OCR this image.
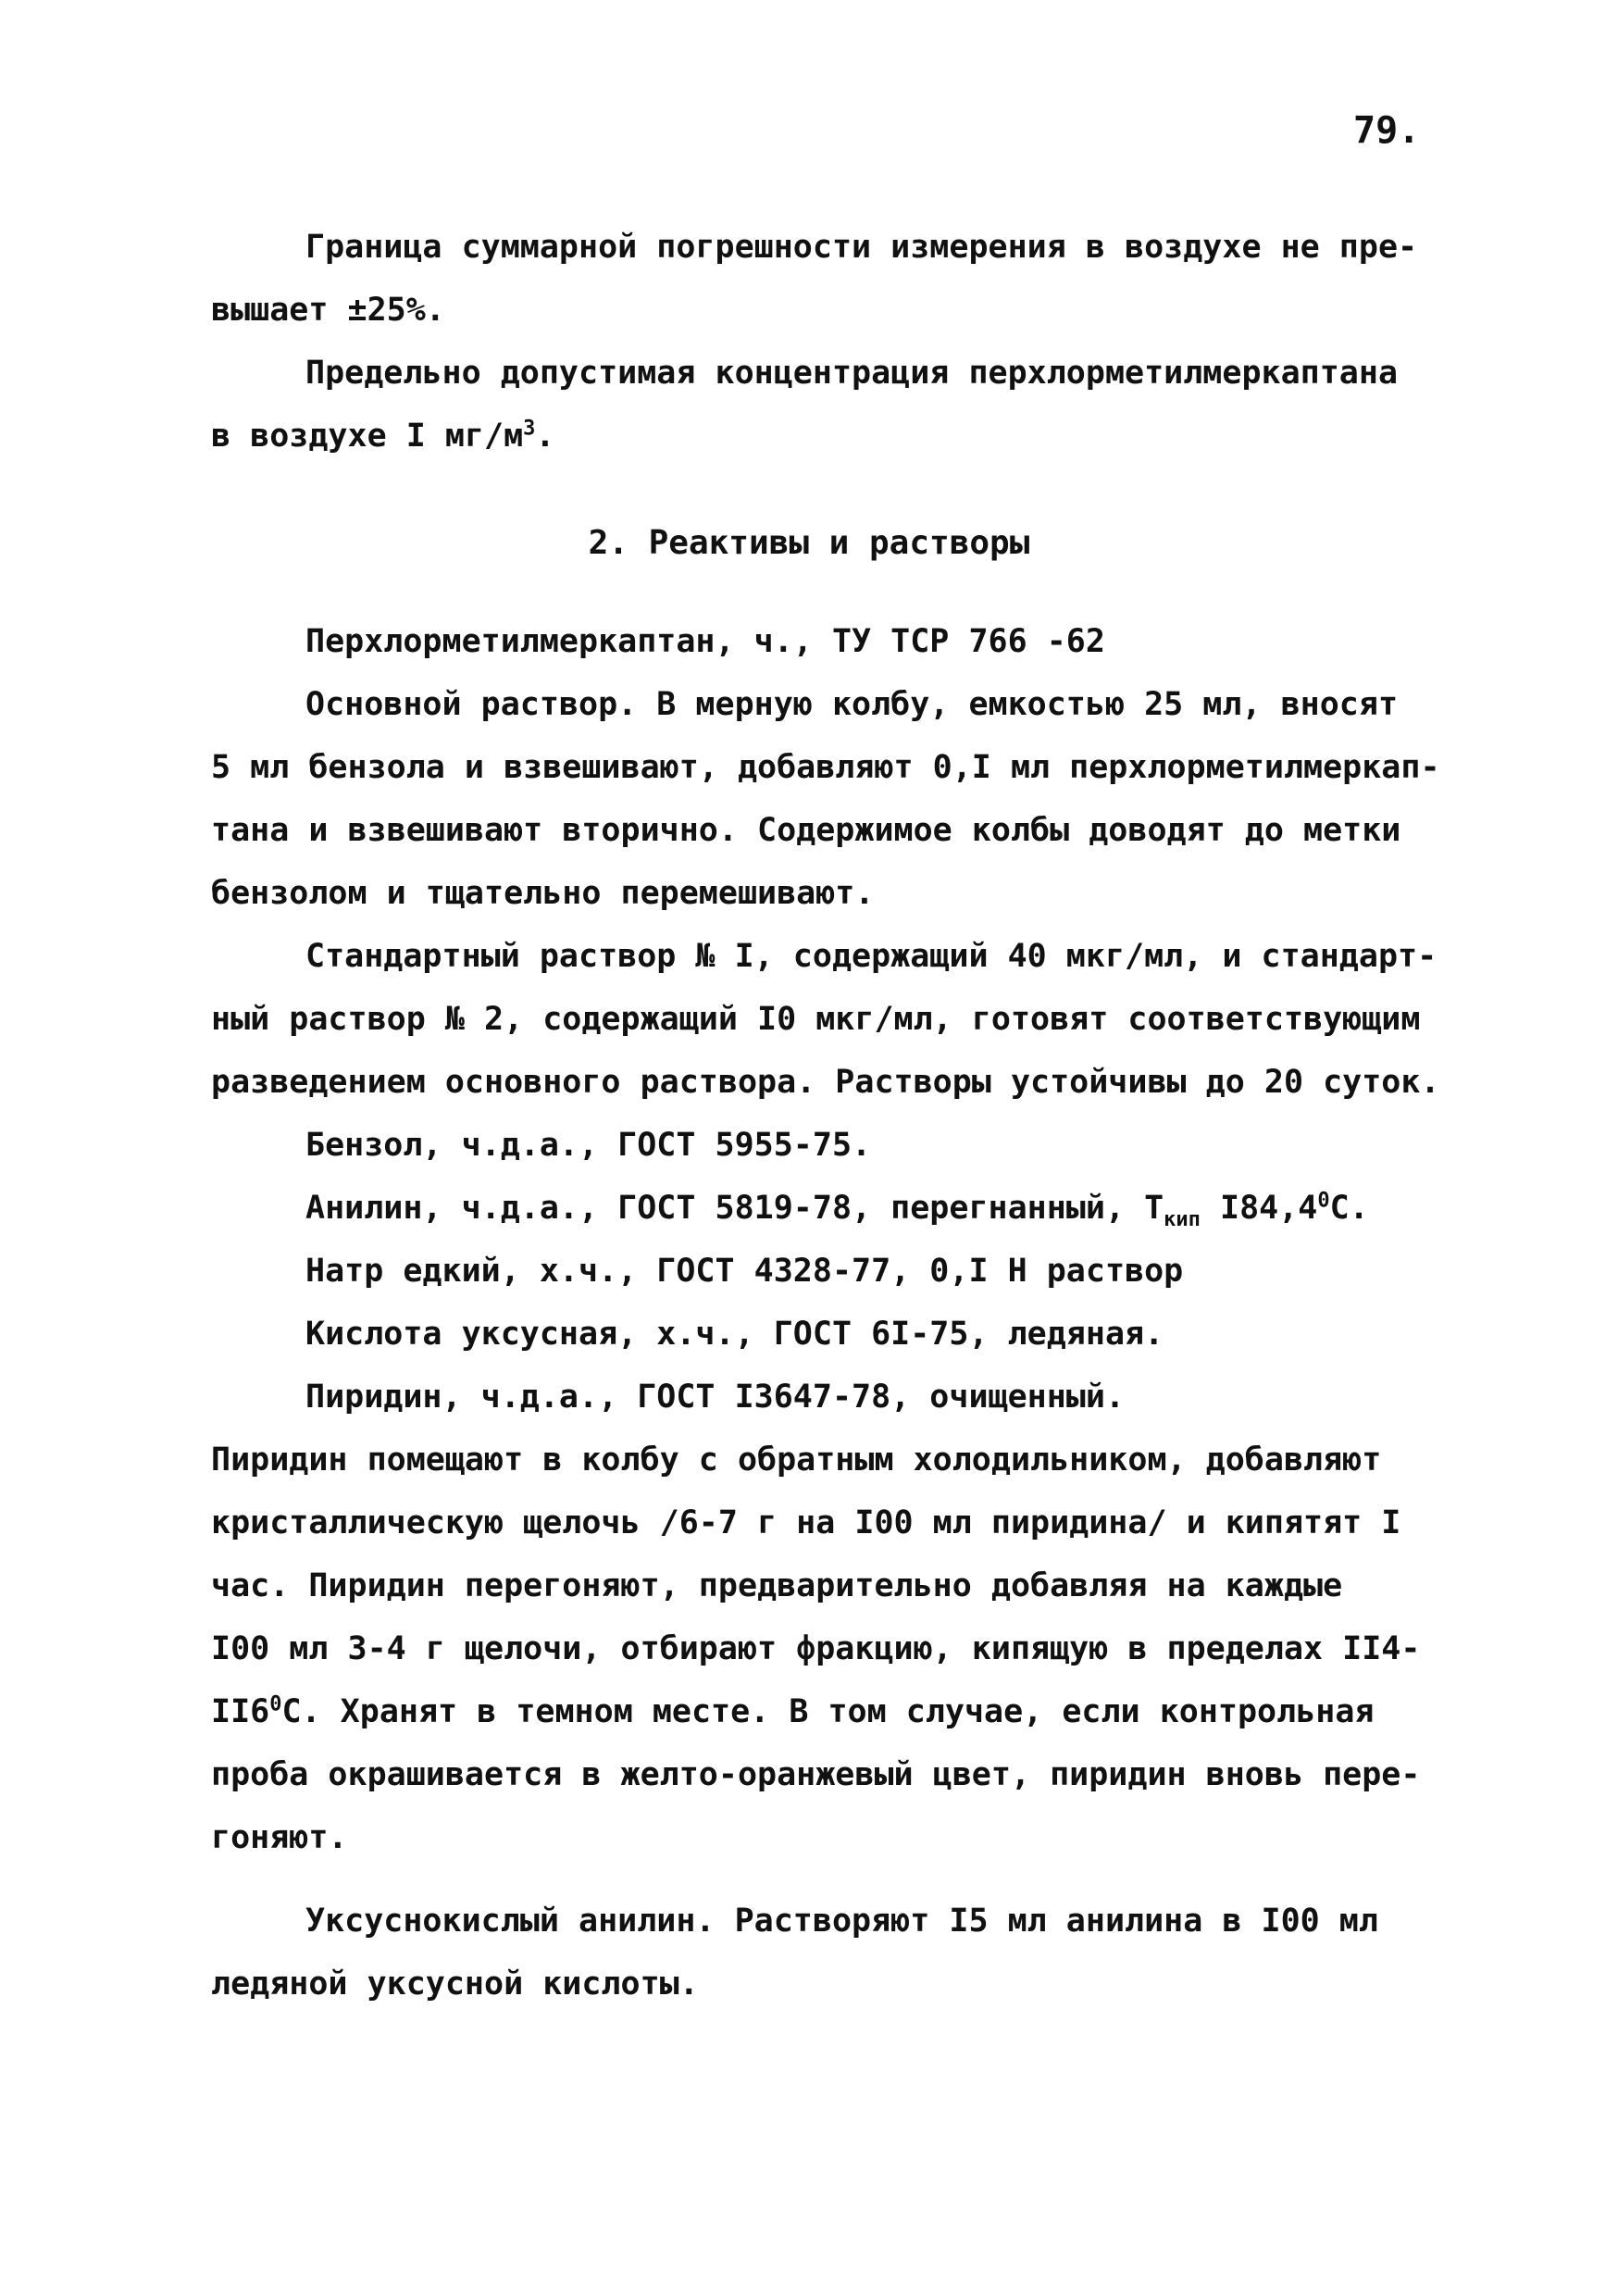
79.
Граница суммарной погрешности измерения в воздухе не пре-
вышает ±25%.
Предельно допустимая концентрация перхлорметилмеркаптана
в воздухе I $мг/м^3$.
2. Реактивы и растворы
Перхлорметилмеркаптан, ч., ТУ ТСР 766 -62
Основной раствор. В мерную колбу, емкостью 25 мл, вносят
5 мл бензола и взвешивают, добавляют 0,I мл перхлорметилмеркап-
тана и взвешивают вторично. Содержимое колбы доводят до метки
бензолом и тщательно перемешивают.
Стандартный раствор № I, содержащий 40 мкг/мл, и стандарт-
ный раствор № 2, содержащий I0 мкг/мл, готовят соответствующим
разведением основного раствора. Растворы устойчивы до 20 суток.
Бензол, ч.д.а., ГОСТ 5955-75.
Анилин, ч.д.а., ГОСТ 5819-78, перегнанный, $Т_{кип}$ I84,4$^0$С.
Натр едкий, х.ч., ГОСТ 4328-77, 0,I Н раствор
Кислота уксусная, х.ч., ГОСТ 6I-75, ледяная.
Пиридин, ч.д.а., ГОСТ I3647-78, очищенный.
Пиридин помещают в колбу с обратным холодильником, добавляют
кристаллическую щелочь /6-7 г на I00 мл пиридина/ и кипятят I
час. Пиридин перегоняют, предварительно добавляя на каждые
I00 мл 3-4 г щелочи, отбирают фракцию, кипящую в пределах II4-
$II6^0С$. Хранят в темном месте. В том случае, если контрольная
проба окрашивается в желто-оранжевый цвет, пиридин вновь пере-
гоняют.
Уксуснокислый анилин. Растворяют I5 мл анилина в I00 мл
ледяной уксусной кислоты.
